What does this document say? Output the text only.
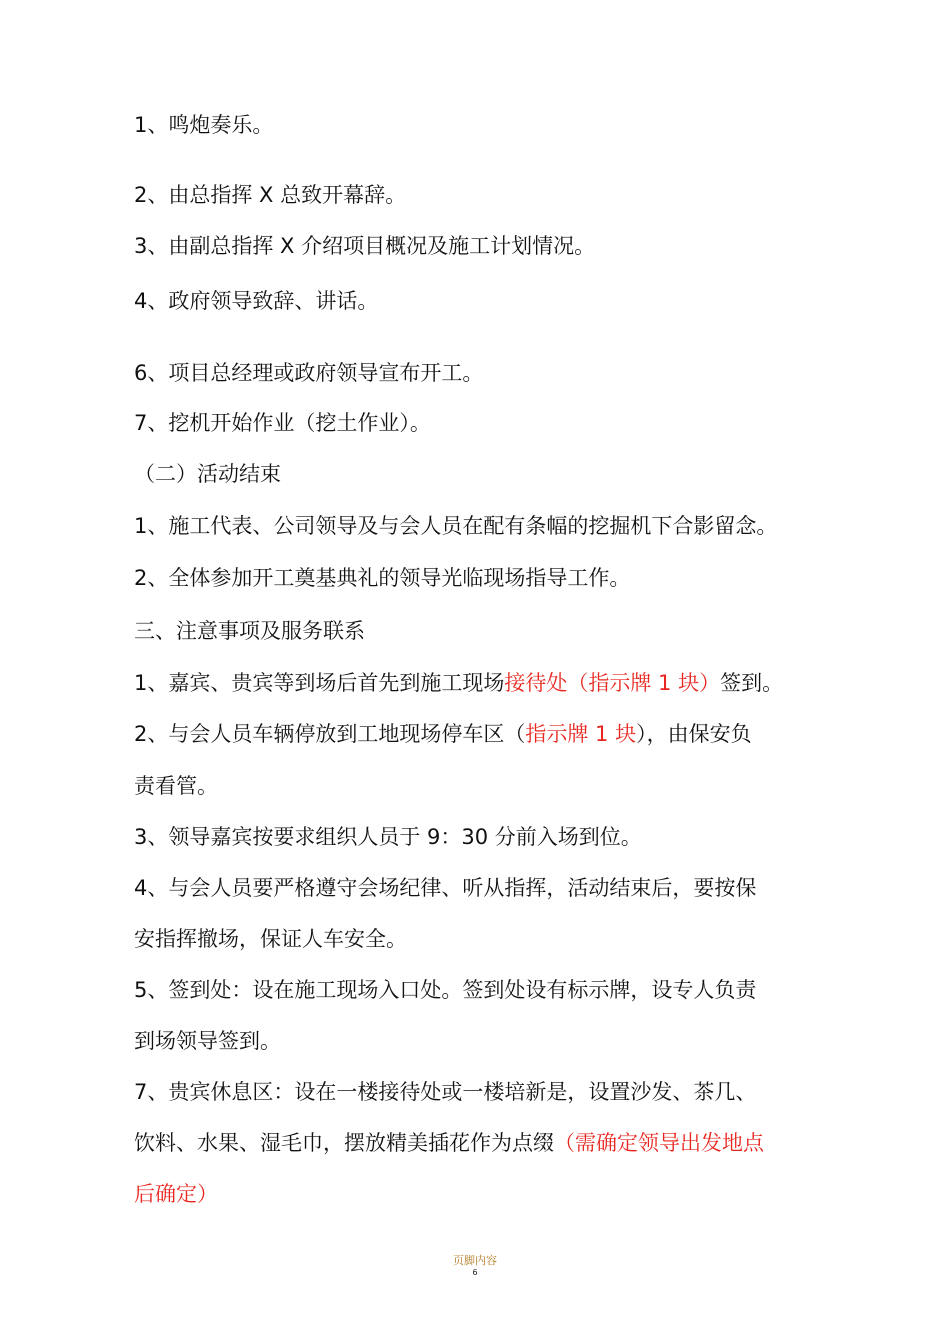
1、鸣炮奏乐。
2、由总指挥 X 总致开幕辞。
3、由副总指挥 X 介绍项目概况及施工计划情况。
4、政府领导致辞、讲话。
6、项目总经理或政府领导宣布开工。
7、挖机开始作业（挖土作业）。
（二）活动结束
1、施工代表、公司领导及与会人员在配有条幅的挖掘机下合影留念。
2、全体参加开工奠基典礼的领导光临现场指导工作。
三、注意事项及服务联系
1、嘉宾、贵宾等到场后首先到施工现场接待处（指示牌 1 块）签到。
2、与会人员车辆停放到工地现场停车区（指示牌 1 块），由保安负
责看管。
3、领导嘉宾按要求组织人员于 9：30 分前入场到位。
4、与会人员要严格遵守会场纪律、听从指挥，活动结束后，要按保
安指挥撤场，保证人车安全。
5、签到处：设在施工现场入口处。签到处设有标示牌，设专人负责
到场领导签到。
7、贵宾休息区：设在一楼接待处或一楼培新是，设置沙发、茶几、
饮料、水果、湿毛巾，摆放精美插花作为点缀（需确定领导出发地点
后确定）
页脚内容
6
